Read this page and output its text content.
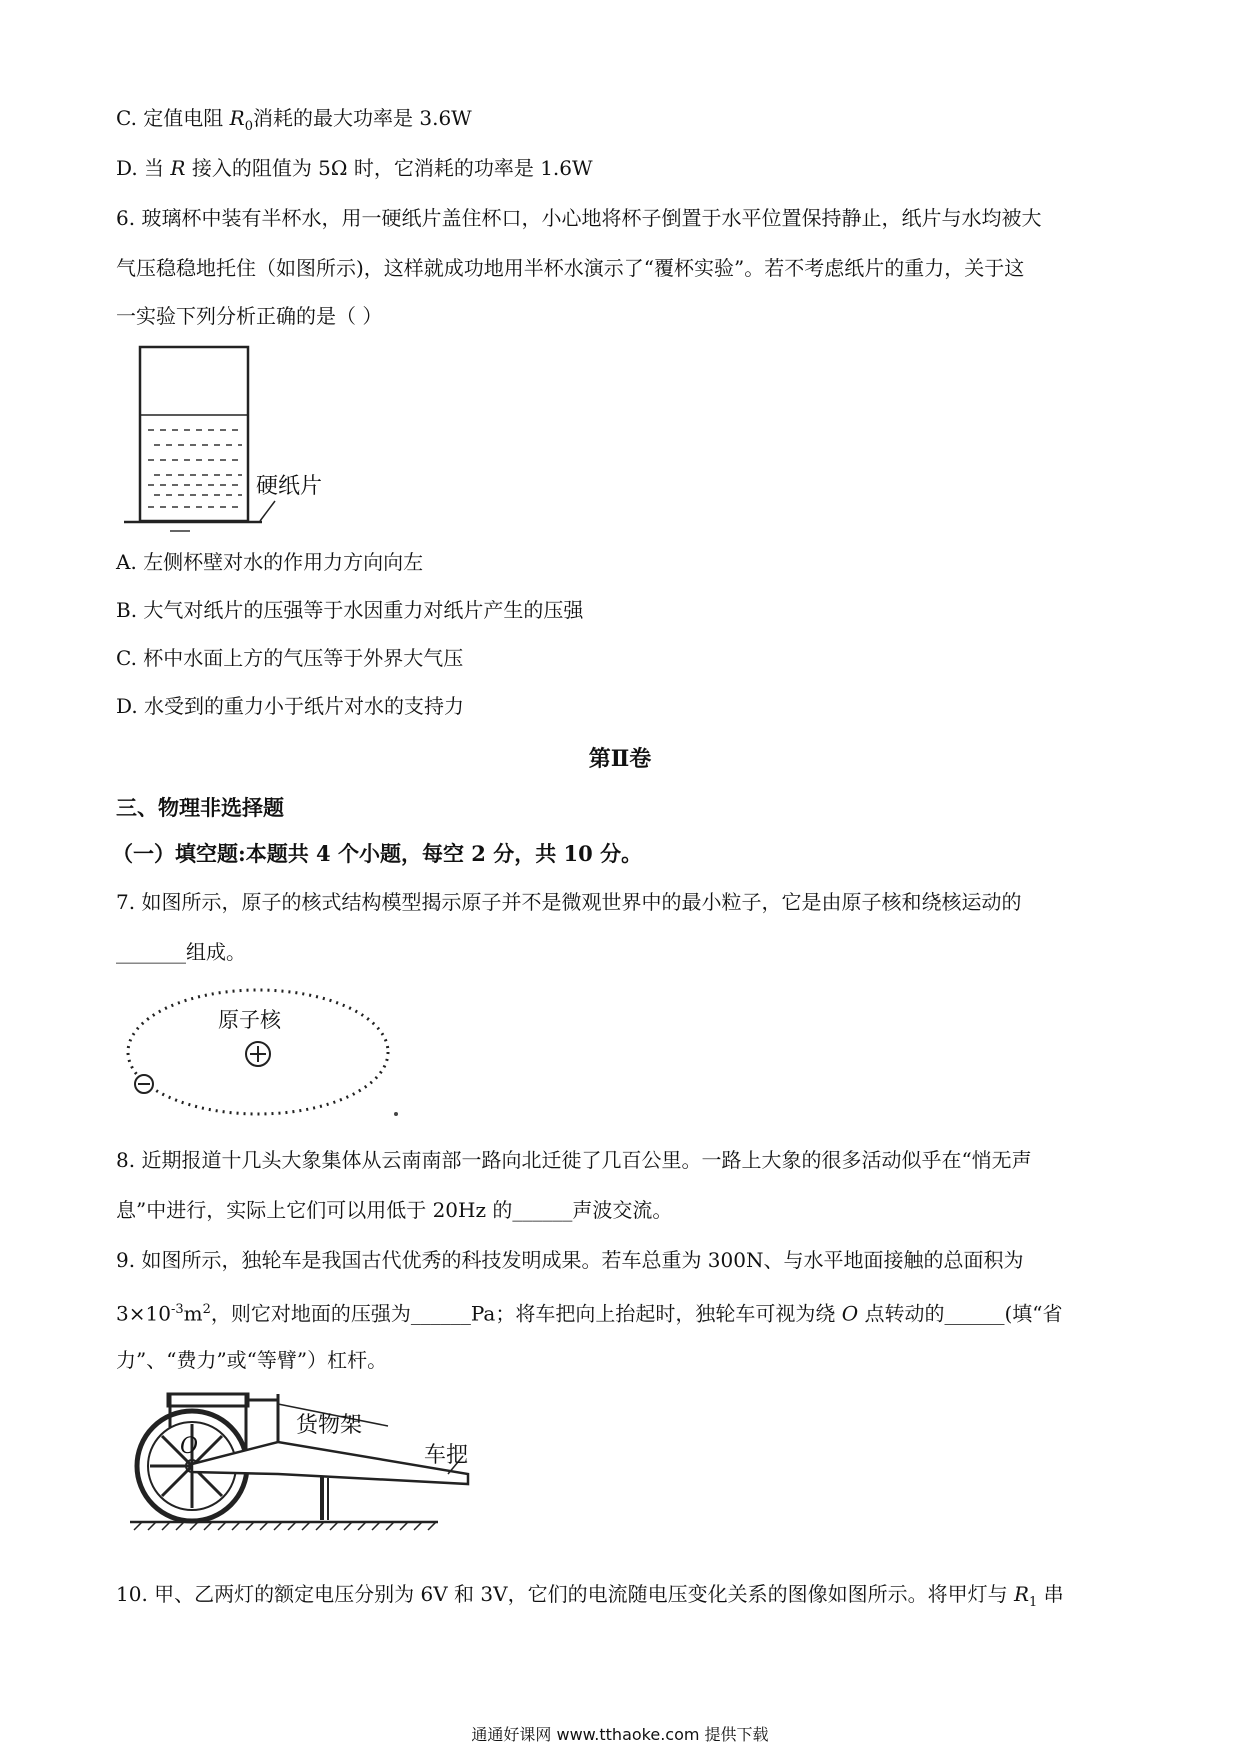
C. 定值电阻 $R_0$消耗的最大功率是 3.6W
D. 当 R 接入的阻值为 5Ω 时，它消耗的功率是 1.6W
6. 玻璃杯中装有半杯水，用一硬纸片盖住杯口，小心地将杯子倒置于水平位置保持静止，纸片与水均被大
气压稳稳地托住（如图所示)，这样就成功地用半杯水演示了“覆杯实验”。若不考虑纸片的重力，关于这
一实验下列分析正确的是（ ）
硬纸片
A. 左侧杯壁对水的作用力方向向左
B. 大气对纸片的压强等于水因重力对纸片产生的压强
C. 杯中水面上方的气压等于外界大气压
D. 水受到的重力小于纸片对水的支持力
第Ⅱ卷
三、物理非选择题
（一）填空题:本题共 4 个小题，每空 2 分，共 10 分。
7. 如图所示，原子的核式结构模型揭示原子并不是微观世界中的最小粒子，它是由原子核和绕核运动的
_______组成。
原子核
8. 近期报道十几头大象集体从云南南部一路向北迁徙了几百公里。一路上大象的很多活动似乎在“悄无声
息”中进行，实际上它们可以用低于 20Hz 的______声波交流。
9. 如图所示，独轮车是我国古代优秀的科技发明成果。若车总重为 300N、与水平地面接触的总面积为
$3\times 10^{-3}m^2$，则它对地面的压强为______Pa；将车把向上抬起时，独轮车可视为绕 O 点转动的______(填“省
力”、“费力”或“等臂”）杠杆。
O
货物架
车把
10. 甲、乙两灯的额定电压分别为 6V 和 3V，它们的电流随电压变化关系的图像如图所示。将甲灯与 $R_1$ 串
通通好课网 www.tthaoke.com 提供下载
